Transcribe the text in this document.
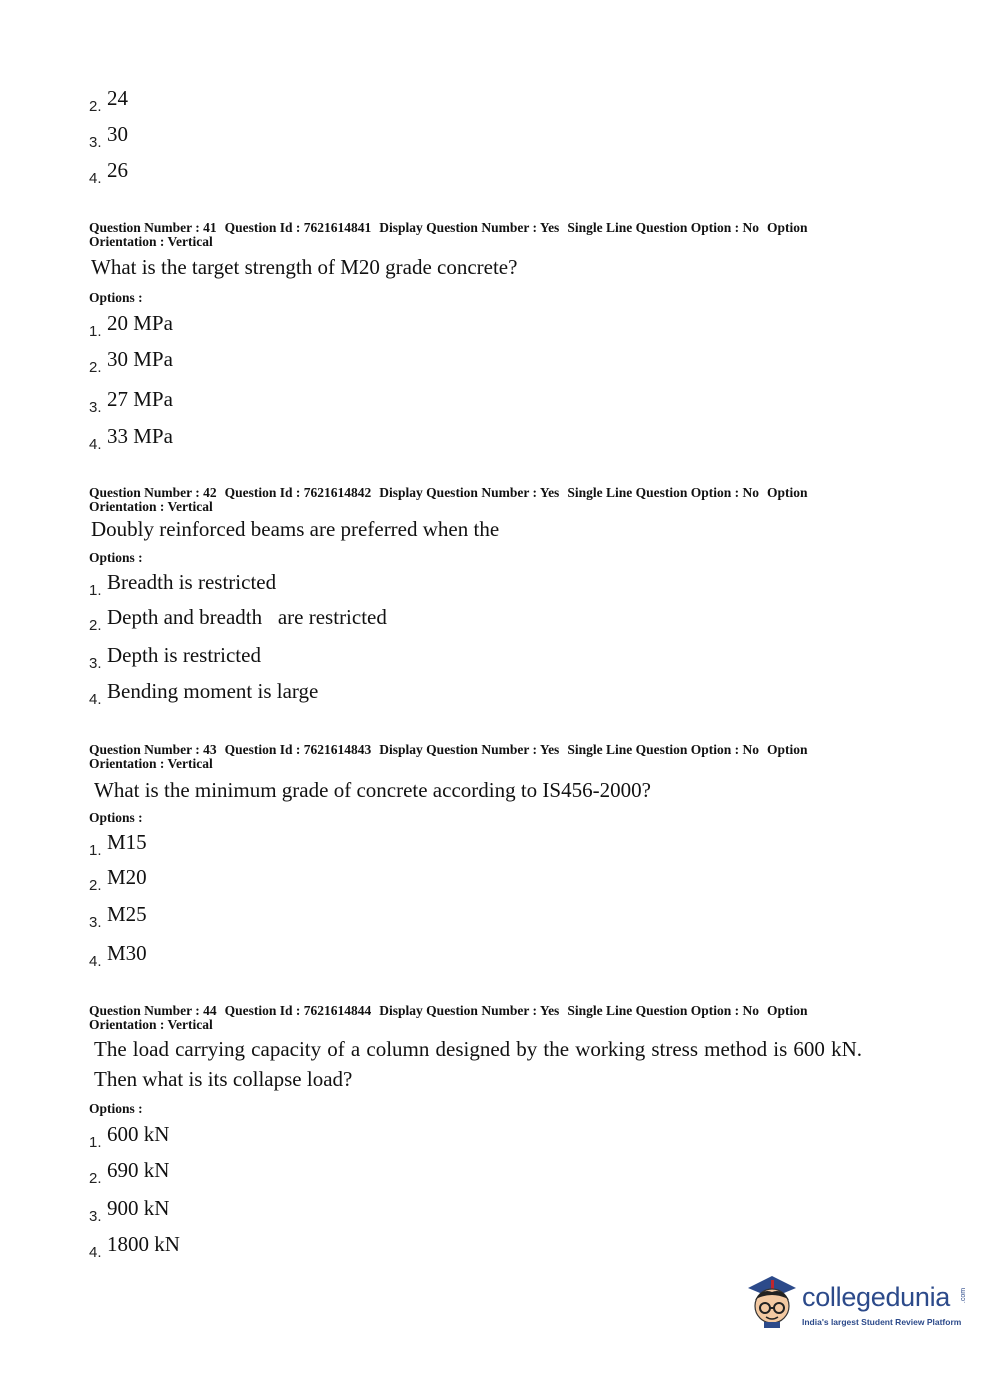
2. 24
3. 30
4. 26
Question Number : 41 Question Id : 7621614841 Display Question Number : Yes Single Line Question Option : No Option Orientation : Vertical
What is the target strength of M20 grade concrete?
Options :
1. 20 MPa
2. 30 MPa
3. 27 MPa
4. 33 MPa
Question Number : 42 Question Id : 7621614842 Display Question Number : Yes Single Line Question Option : No Option Orientation : Vertical
Doubly reinforced beams are preferred when the
Options :
1. Breadth is restricted
2. Depth and breadth   are restricted
3. Depth is restricted
4. Bending moment is large
Question Number : 43 Question Id : 7621614843 Display Question Number : Yes Single Line Question Option : No Option Orientation : Vertical
What is the minimum grade of concrete according to IS456-2000?
Options :
1. M15
2. M20
3. M25
4. M30
Question Number : 44 Question Id : 7621614844 Display Question Number : Yes Single Line Question Option : No Option Orientation : Vertical
The load carrying capacity of a column designed by the working stress method is 600 kN. Then what is its collapse load?
Options :
1. 600 kN
2. 690 kN
3. 900 kN
4. 1800 kN
collegedunia .com
India's largest Student Review Platform
